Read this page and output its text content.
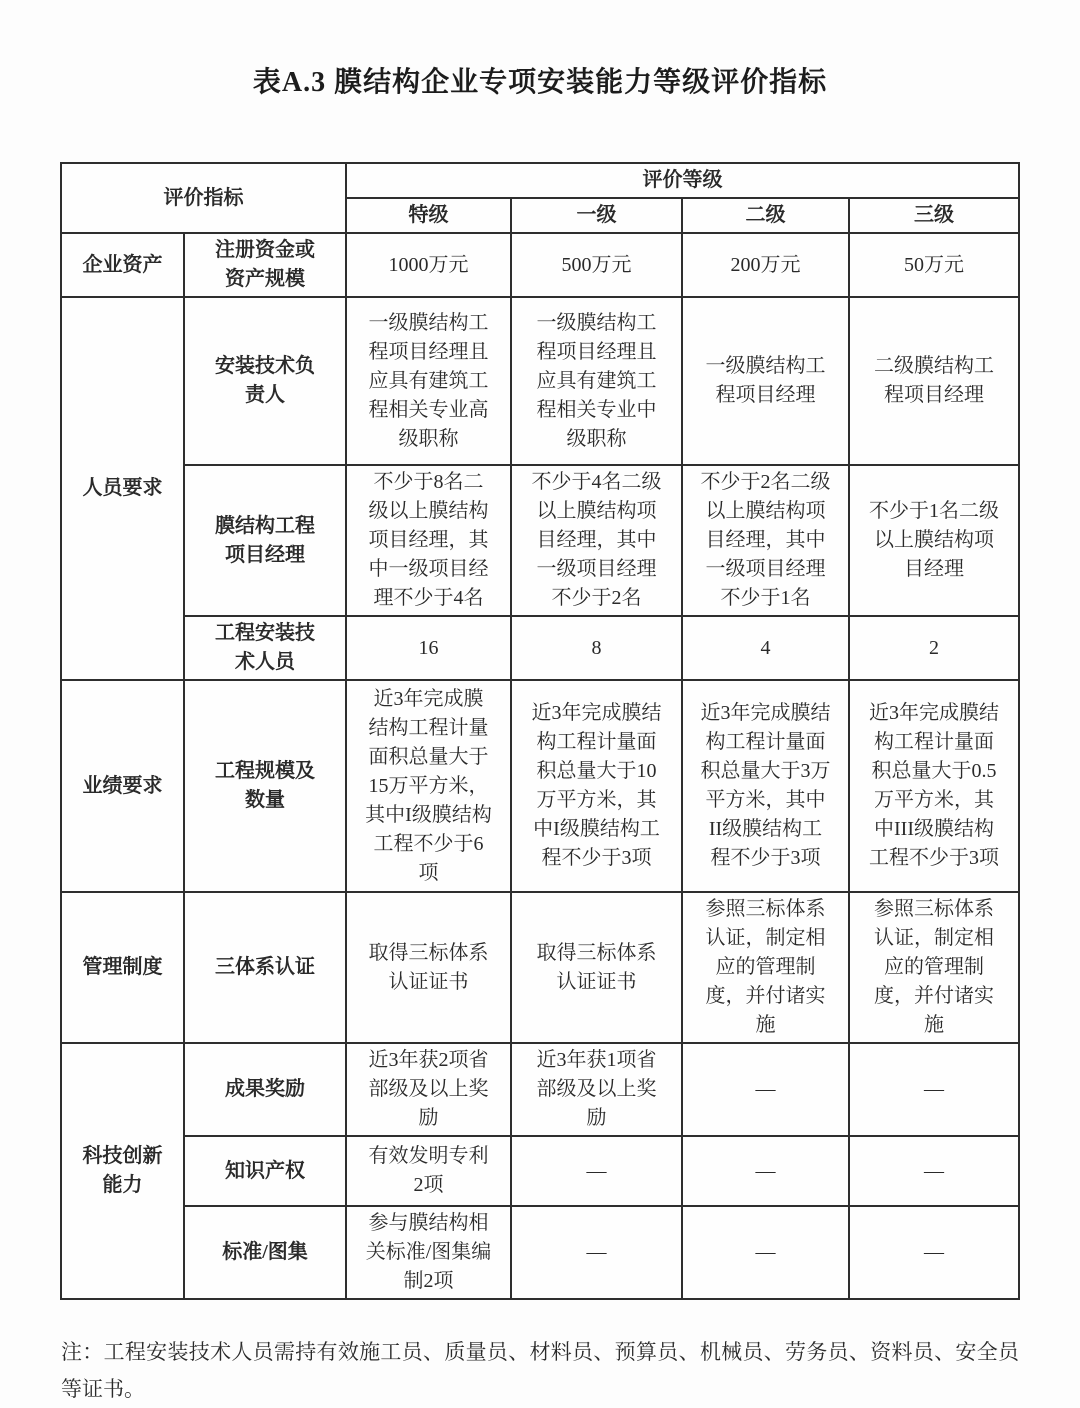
表A.3 膜结构企业专项安装能力等级评价指标
评价指标		评价等级			
		特级	一级	二级	三级
企业资产	注册资金或资产规模	1000万元	500万元	200万元	50万元
人员要求	安装技术负责人	一级膜结构工程项目经理且应具有建筑工程相关专业高级职称	一级膜结构工程项目经理且应具有建筑工程相关专业中级职称	一级膜结构工程项目经理	二级膜结构工程项目经理
	膜结构工程项目经理	不少于8名二级以上膜结构项目经理，其中一级项目经理不少于4名	不少于4名二级以上膜结构项目经理，其中一级项目经理不少于2名	不少于2名二级以上膜结构项目经理，其中一级项目经理不少于1名	不少于1名二级以上膜结构项目经理
	工程安装技术人员	16	8	4	2
业绩要求	工程规模及数量	近3年完成膜结构工程计量面积总量大于15万平方米，其中I级膜结构工程不少于6项	近3年完成膜结构工程计量面积总量大于10万平方米，其中I级膜结构工程不少于3项	近3年完成膜结构工程计量面积总量大于3万平方米，其中II级膜结构工程不少于3项	近3年完成膜结构工程计量面积总量大于0.5万平方米，其中III级膜结构工程不少于3项
管理制度	三体系认证	取得三标体系认证证书	取得三标体系认证证书	参照三标体系认证，制定相应的管理制度，并付诸实施	参照三标体系认证，制定相应的管理制度，并付诸实施
科技创新能力	成果奖励	近3年获2项省部级及以上奖励	近3年获1项省部级及以上奖励	—	—
	知识产权	有效发明专利2项	—	—	—
	标准/图集	参与膜结构相关标准/图集编制2项	—	—	—

注：工程安装技术人员需持有效施工员、质量员、材料员、预算员、机械员、劳务员、资料员、安全员等证书。
